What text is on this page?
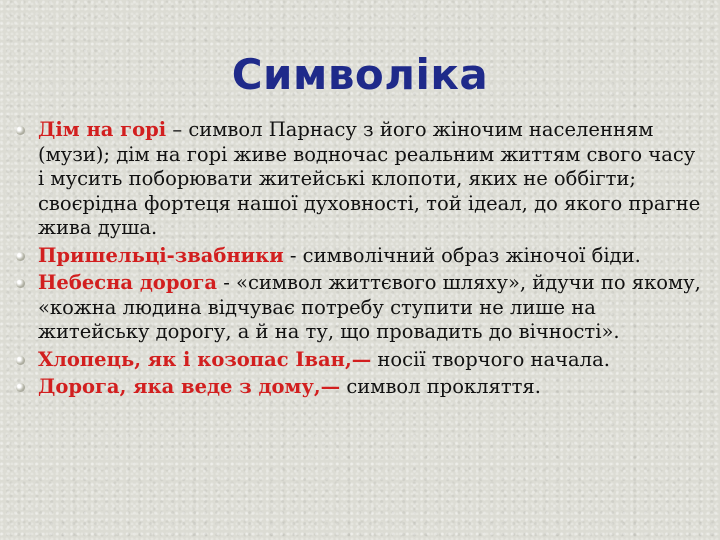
Символіка
Дім на горі – символ Парнасу з його жіночим населенням (музи); дім на горі живе водночас реальним життям свого часу і мусить поборювати житейські клопоти, яких не оббігти; своєрідна фортеця нашої духовності, той ідеал, до якого прагне жива душа.
Пришельці-звабники - символічний образ жіночої біди.
Небесна дорога - «символ життєвого шляху», йдучи по якому, «кожна людина відчуває потребу ступити не лише на житейську дорогу, а й на ту, що провадить до вічності».
Хлопець, як і козопас Іван,— носії творчого начала.
Дорога, яка веде з дому,— символ прокляття.
